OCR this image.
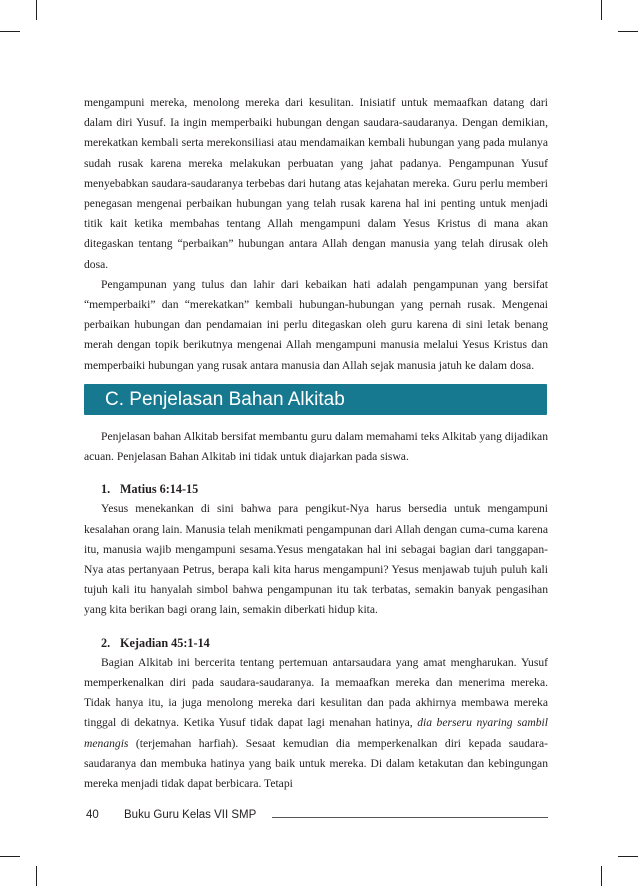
mengampuni mereka, menolong mereka dari kesulitan. Inisiatif untuk memaafkan datang dari dalam diri Yusuf. Ia ingin memperbaiki hubungan dengan saudara-saudaranya. Dengan demikian, merekatkan kembali serta merekonsiliasi atau mendamaikan kembali hubungan yang pada mulanya sudah rusak karena mereka melakukan perbuatan yang jahat padanya. Pengampunan Yusuf menyebabkan saudara-saudaranya terbebas dari hutang atas kejahatan mereka. Guru perlu memberi penegasan mengenai perbaikan hubungan yang telah rusak karena hal ini penting untuk menjadi titik kait ketika membahas tentang Allah mengampuni dalam Yesus Kristus di mana akan ditegaskan tentang “perbaikan” hubungan antara Allah dengan manusia yang telah dirusak oleh dosa.

Pengampunan yang tulus dan lahir dari kebaikan hati adalah pengampunan yang bersifat “memperbaiki” dan “merekatkan” kembali hubungan-hubungan yang pernah rusak. Mengenai perbaikan hubungan dan pendamaian ini perlu ditegaskan oleh guru karena di sini letak benang merah dengan topik berikutnya mengenai Allah mengampuni manusia melalui Yesus Kristus dan memperbaiki hubungan yang rusak antara manusia dan Allah sejak manusia jatuh ke dalam dosa.

C. Penjelasan Bahan Alkitab

Penjelasan bahan Alkitab bersifat membantu guru dalam memahami teks Alkitab yang dijadikan acuan. Penjelasan Bahan Alkitab ini tidak untuk diajarkan pada siswa.

1. Matius 6:14-15

Yesus menekankan di sini bahwa para pengikut-Nya harus bersedia untuk mengampuni kesalahan orang lain. Manusia telah menikmati pengampunan dari Allah dengan cuma-cuma karena itu, manusia wajib mengampuni sesama.Yesus mengatakan hal ini sebagai bagian dari tanggapan-Nya atas pertanyaan Petrus, berapa kali kita harus mengampuni? Yesus menjawab tujuh puluh kali tujuh kali itu hanyalah simbol bahwa pengampunan itu tak terbatas, semakin banyak pengasihan yang kita berikan bagi orang lain, semakin diberkati hidup kita.

2. Kejadian 45:1-14

Bagian Alkitab ini bercerita tentang pertemuan antarsaudara yang amat mengharukan. Yusuf memperkenalkan diri pada saudara-saudaranya. Ia memaafkan mereka dan menerima mereka. Tidak hanya itu, ia juga menolong mereka dari kesulitan dan pada akhirnya membawa mereka tinggal di dekatnya. Ketika Yusuf tidak dapat lagi menahan hatinya, dia berseru nyaring sambil menangis (terjemahan harfiah). Sesaat kemudian dia memperkenalkan diri kepada saudara-saudaranya dan membuka hatinya yang baik untuk mereka. Di dalam ketakutan dan kebingungan mereka menjadi tidak dapat berbicara. Tetapi

40 Buku Guru Kelas VII SMP
